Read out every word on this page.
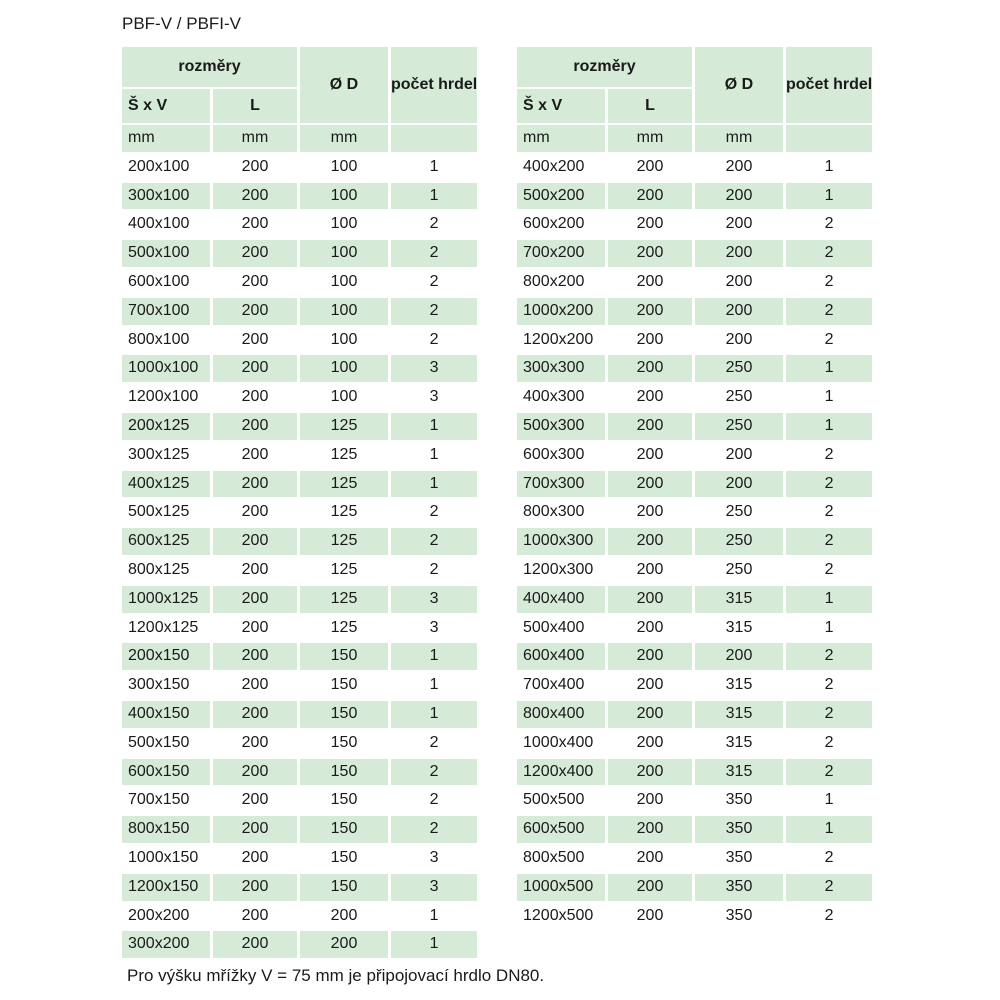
PBF-V / PBFI-V
rozměry		Ø D	počet hrdel
Š x V	L		
mm	mm	mm	
200x100	200	100	1
300x100	200	100	1
400x100	200	100	2
500x100	200	100	2
600x100	200	100	2
700x100	200	100	2
800x100	200	100	2
1000x100	200	100	3
1200x100	200	100	3
200x125	200	125	1
300x125	200	125	1
400x125	200	125	1
500x125	200	125	2
600x125	200	125	2
800x125	200	125	2
1000x125	200	125	3
1200x125	200	125	3
200x150	200	150	1
300x150	200	150	1
400x150	200	150	1
500x150	200	150	2
600x150	200	150	2
700x150	200	150	2
800x150	200	150	2
1000x150	200	150	3
1200x150	200	150	3
200x200	200	200	1
300x200	200	200	1
rozměry		Ø D	počet hrdel
Š x V	L		
mm	mm	mm	
400x200	200	200	1
500x200	200	200	1
600x200	200	200	2
700x200	200	200	2
800x200	200	200	2
1000x200	200	200	2
1200x200	200	200	2
300x300	200	250	1
400x300	200	250	1
500x300	200	250	1
600x300	200	200	2
700x300	200	200	2
800x300	200	250	2
1000x300	200	250	2
1200x300	200	250	2
400x400	200	315	1
500x400	200	315	1
600x400	200	200	2
700x400	200	315	2
800x400	200	315	2
1000x400	200	315	2
1200x400	200	315	2
500x500	200	350	1
600x500	200	350	1
800x500	200	350	2
1000x500	200	350	2
1200x500	200	350	2
Pro výšku mřížky V = 75 mm je připojovací hrdlo DN80.
